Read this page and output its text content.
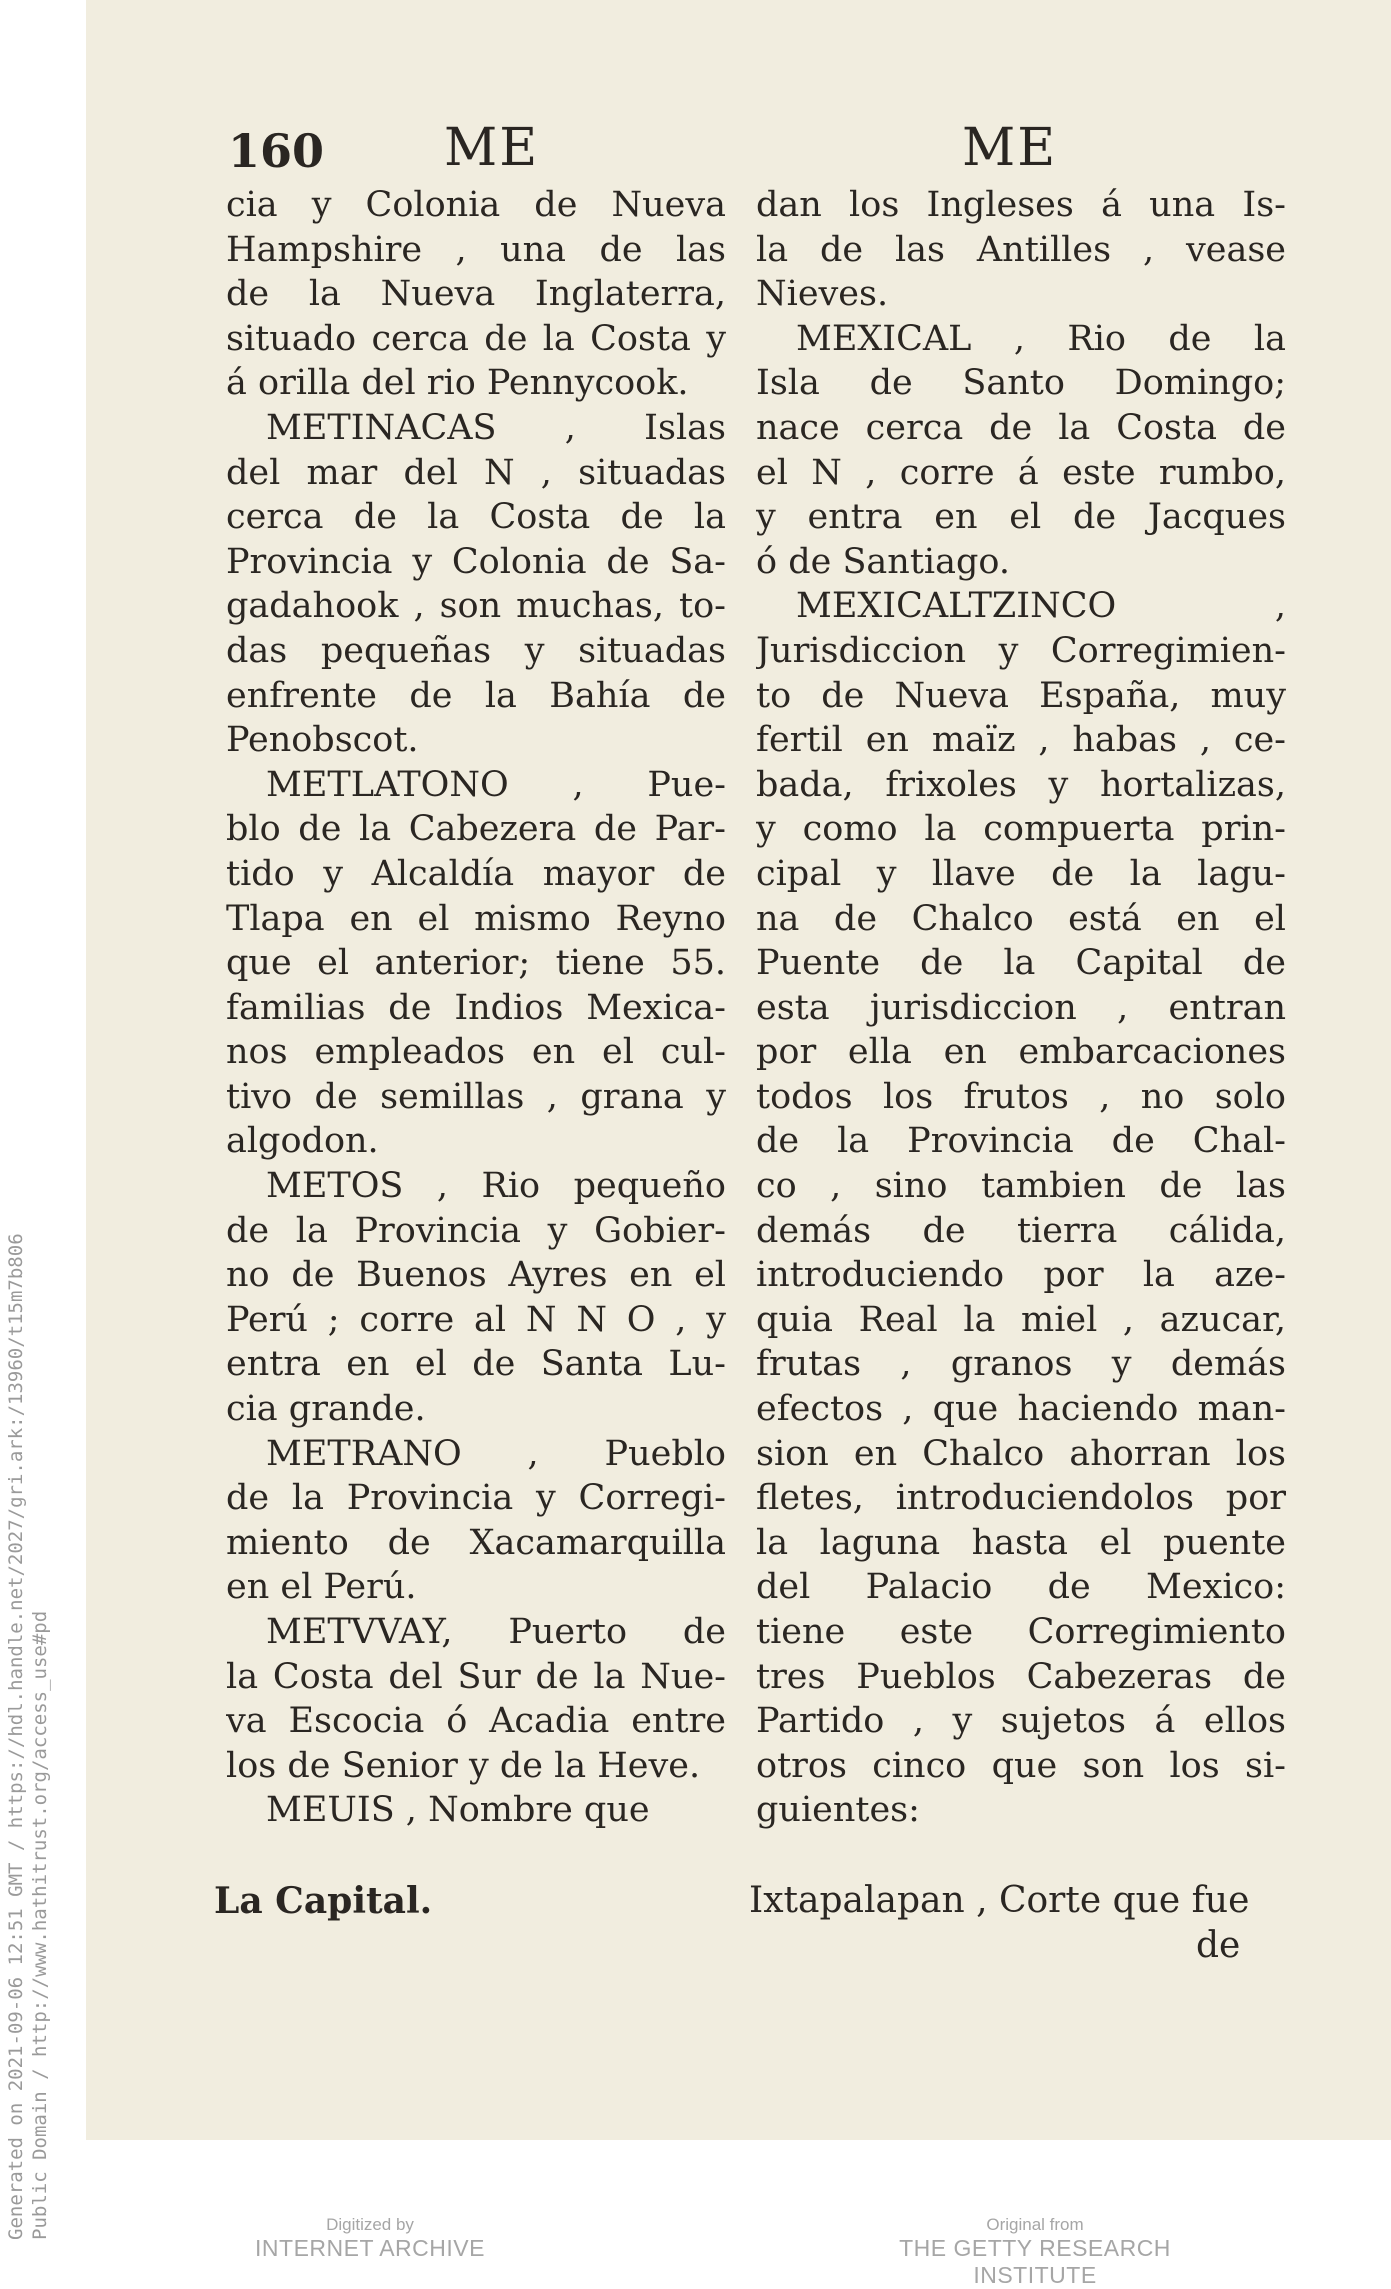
160 ME	ME
cia y Colonia de Nueva
Hampshire , una de las
de la Nueva Inglaterra,
situado cerca de la Costa y
á orilla del rio Pennycook.
METINACAS , Islas
del mar del N , situadas
cerca de la Costa de la
Provincia y Colonia de Sa-
gadahook , son muchas, to-
das pequeñas y situadas
enfrente de la Bahía de
Penobscot.
METLATONO , Pue-
blo de la Cabezera de Par-
tido y Alcaldía mayor de
Tlapa en el mismo Reyno
que el anterior; tiene 55.
familias de Indios Mexica-
nos empleados en el cul-
tivo de semillas , grana y
algodon.
METOS , Rio pequeño
de la Provincia y Gobier-
no de Buenos Ayres en el
Perú ; corre al N N O , y
entra en el de Santa Lu-
cia grande.
METRANO , Pueblo
de la Provincia y Corregi-
miento de Xacamarquilla
en el Perú.
METVVAY, Puerto de
la Costa del Sur de la Nue-
va Escocia ó Acadia entre
los de Senior y de la Heve.
MEUIS , Nombre que
dan los Ingleses á una Is-
la de las Antilles , vease
Nieves.
MEXICAL , Rio de la
Isla de Santo Domingo;
nace cerca de la Costa de
el N , corre á este rumbo,
y entra en el de Jacques
ó de Santiago.
MEXICALTZINCO ,
Jurisdiccion y Corregimien-
to de Nueva España, muy
fertil en maïz , habas , ce-
bada, frixoles y hortalizas,
y como la compuerta prin-
cipal y llave de la lagu-
na de Chalco está en el
Puente de la Capital de
esta jurisdiccion , entran
por ella en embarcaciones
todos los frutos , no solo
de la Provincia de Chal-
co , sino tambien de las
demás de tierra cálida,
introduciendo por la aze-
quia Real la miel , azucar,
frutas , granos y demás
efectos , que haciendo man-
sion en Chalco ahorran los
fletes, introduciendolos por
la laguna hasta el puente
del Palacio de Mexico:
tiene este Corregimiento
tres Pueblos Cabezeras de
Partido , y sujetos á ellos
otros cinco que son los si-
guientes:
La Capital.	Ixtapalapan , Corte que fue
de
Generated on 2021-09-06 12:51 GMT / https://hdl.handle.net/2027/gri.ark:/13960/t15m7b806 Public Domain / http://www.hathitrust.org/access_use#pd	Digitized by
INTERNET ARCHIVE
Original from
THE GETTY RESEARCH INSTITUTE
